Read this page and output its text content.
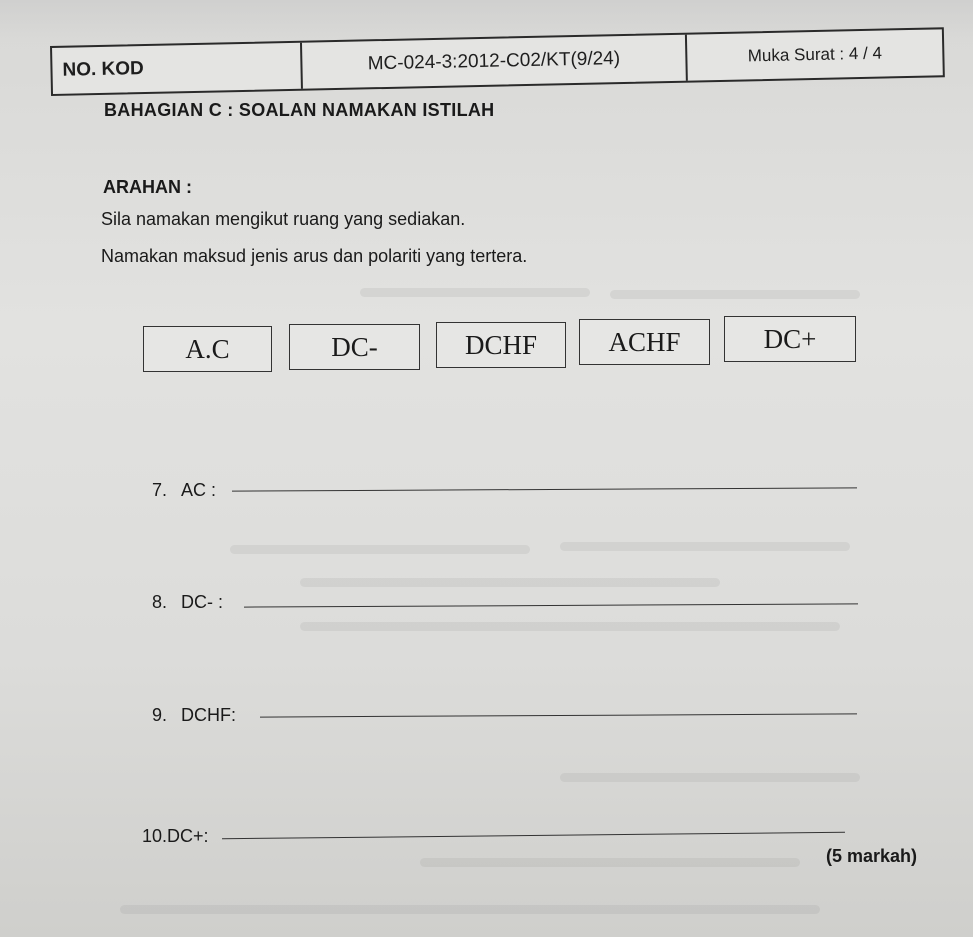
NO. KOD	MC-024-3:2012-C02/KT(9/24)	Muka Surat : 4 / 4
BAHAGIAN C : SOALAN NAMAKAN ISTILAH
ARAHAN :
Sila namakan mengikut ruang yang sediakan.
Namakan maksud jenis arus dan polariti yang tertera.
A.C	DC-	DCHF	ACHF	DC+
7. AC :
8. DC- :
9. DCHF:
10. DC+:
(5 markah)
